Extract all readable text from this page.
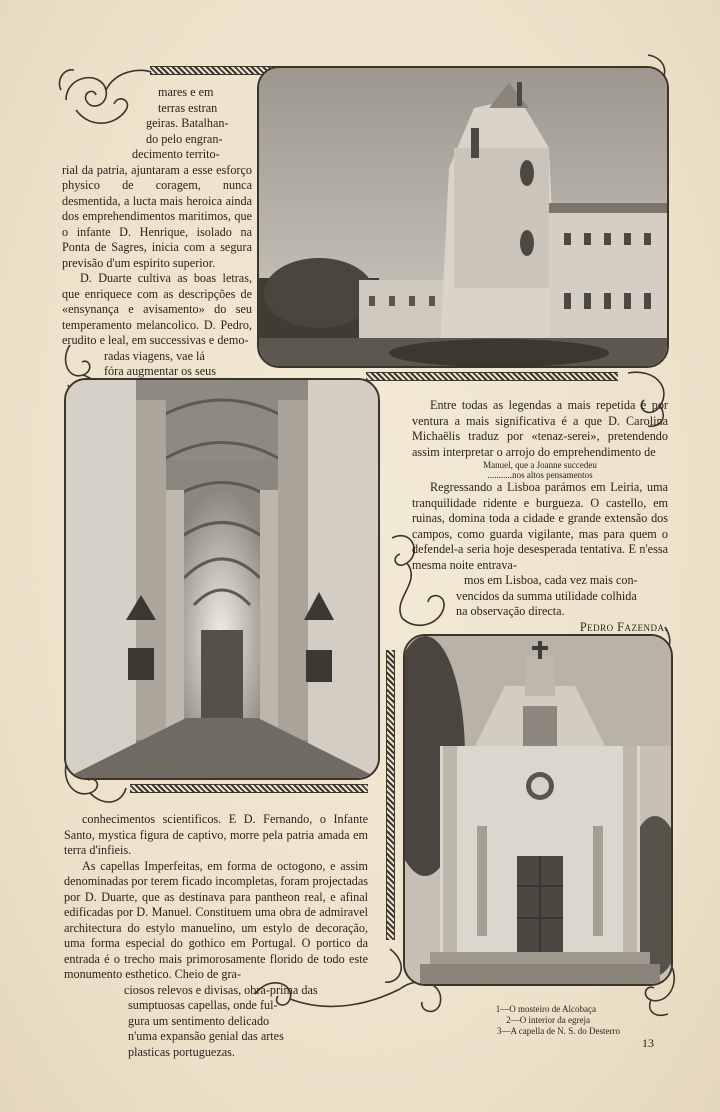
mares e em

terras estran

geiras. Batalhan-

do pelo engran-

decimento territo-

rial da patria, ajuntaram a esse esforço physico de coragem, nunca desmentida, a lucta mais heroica ainda dos emprehendimentos maritimos, que o infante D. Henrique, isolado na Ponta de Sagres, inicia com a segura previsão d'um espirito superior.

D. Duarte cultiva as boas letras, que enriquece com as descripções de «ensynança e avisamento» do seu temperamento melancolico. D. Pedro, erudito e leal, em successivas e demo-

radas viagens, vae lá

fóra augmentar os seus

Entre todas as legendas a mais repetida e por ventura a mais significativa é a que D. Carolina Michaëlis traduz por «tenaz-serei», pretendendo assim interpretar o arrojo do emprehendimento de

Manuel, que a Joanne succedeu
...........nos altos pensamentos

Regressando a Lisboa parámos em Leiria, uma tranquilidade ridente e burgueza. O castello, em ruinas, domina toda a cidade e grande extensão dos campos, como guarda vigilante, mas para quem o defendel-a seria hoje desesperada tentativa. E n'essa mesma noite entrava-

mos em Lisboa, cada vez mais con-

vencidos da summa utilidade colhida

na observação directa.

Pedro Fazenda.

conhecimentos scientificos. E D. Fernando, o Infante Santo, mystica figura de captivo, morre pela patria amada em terra d'infieis.

As capellas Imperfeitas, em forma de octogono, e assim denominadas por terem ficado incompletas, foram projectadas por D. Duarte, que as destinava para pantheon real, e afinal edificadas por D. Manuel. Constituem uma obra de admiravel architectura do estylo manuelino, um estylo de decoração, uma forma especial do gothico em Portugal. O portico da entrada é o trecho mais primorosamente florido de todo este monumento esthetico. Cheio de gra-

ciosos relevos e divisas, obra-prima das

sumptuosas capellas, onde ful-

gura um sentimento delicado

n'uma expansão genial das artes

plasticas portuguezas.

1—O mosteiro de Alcobaça
2—O interior da egreja
3—A capella de N. S. do Desterro
13
